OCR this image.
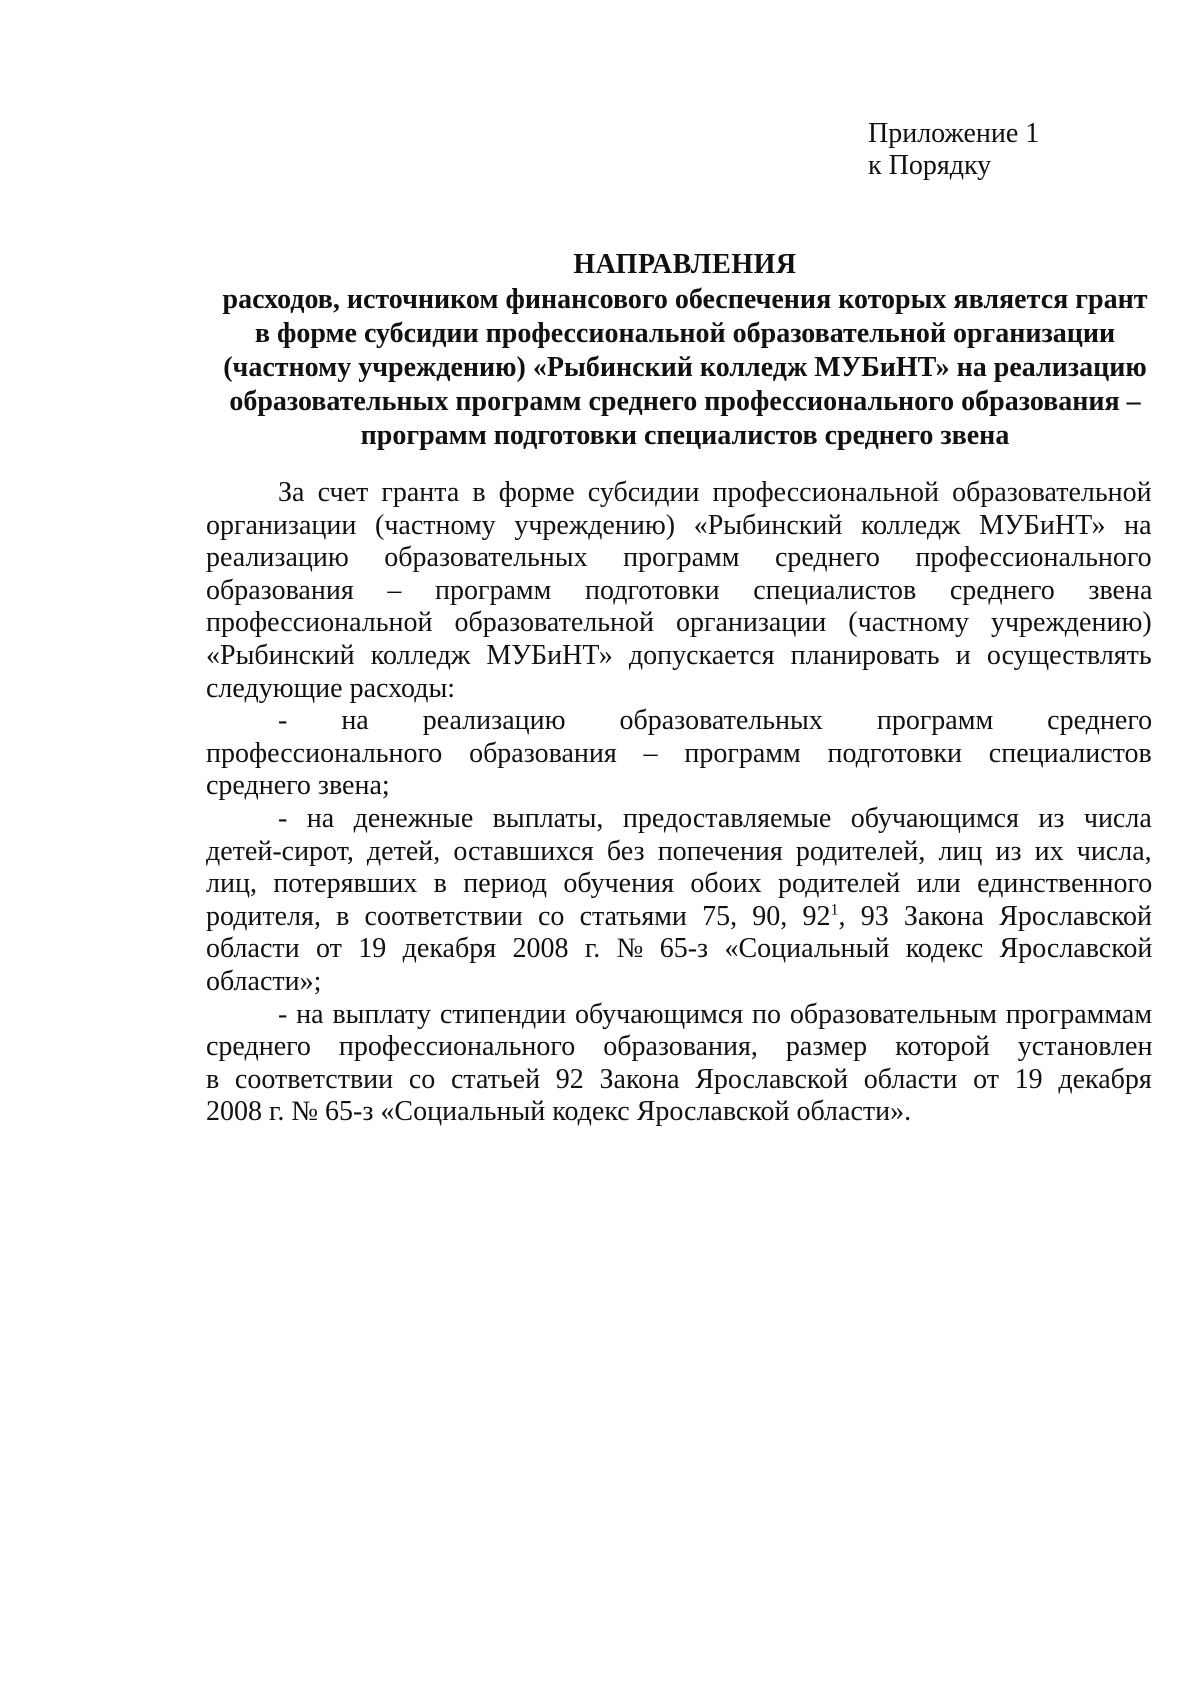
Приложение 1
к Порядку
НАПРАВЛЕНИЯ
расходов, источником финансового обеспечения которых является грант
в форме субсидии профессиональной образовательной организации
(частному учреждению) «Рыбинский колледж МУБиНТ» на реализацию
образовательных программ среднего профессионального образования –
программ подготовки специалистов среднего звена
За счет гранта в форме субсидии профессиональной образовательной
организации (частному учреждению) «Рыбинский колледж МУБиНТ» на
реализацию образовательных программ среднего профессионального
образования – программ подготовки специалистов среднего звена
профессиональной образовательной организации (частному учреждению)
«Рыбинский колледж МУБиНТ» допускается планировать и осуществлять
следующие расходы:
- на реализацию образовательных программ среднего
профессионального образования – программ подготовки специалистов
среднего звена;
- на денежные выплаты, предоставляемые обучающимся из числа
детей-сирот, детей, оставшихся без попечения родителей, лиц из их числа,
лиц, потерявших в период обучения обоих родителей или единственного
родителя, в соответствии со статьями 75, 90, 92$^1$, 93 Закона Ярославской
области от 19 декабря 2008 г. № 65-з «Социальный кодекс Ярославской
области»;
- на выплату стипендии обучающимся по образовательным программам
среднего профессионального образования, размер которой установлен
в соответствии со статьей 92 Закона Ярославской области от 19 декабря
2008 г. № 65-з «Социальный кодекс Ярославской области».
